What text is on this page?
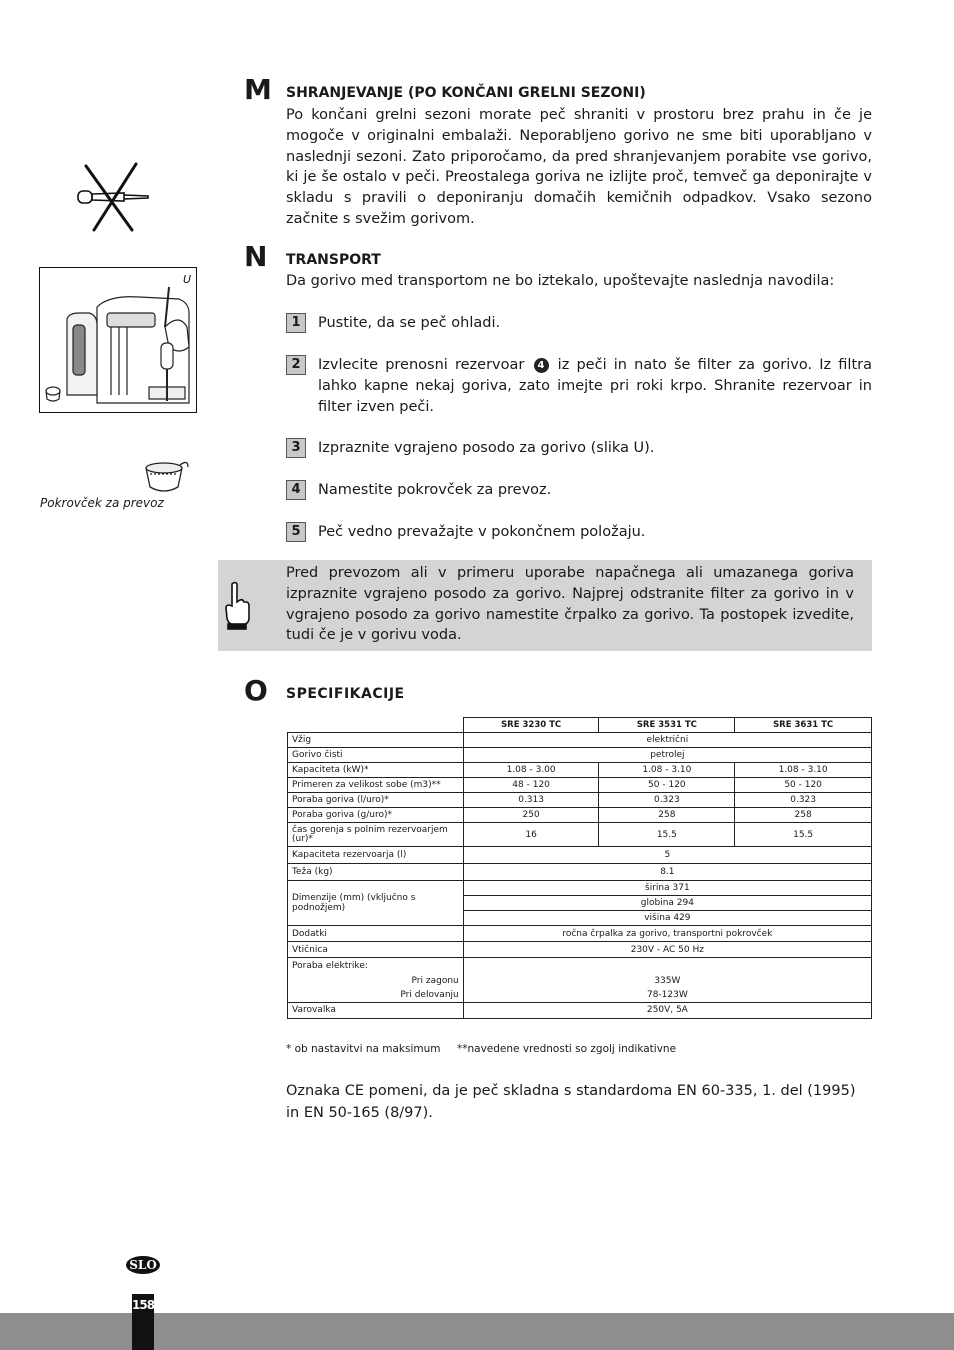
U
Pokrovček za prevoz
M SHRANJEVANJE (PO KONČANI GRELNI SEZONI)
Po končani grelni sezoni morate peč shraniti v prostoru brez prahu in če je mogoče v originalni embalaži. Neporabljeno gorivo ne sme biti uporabljano v naslednji sezoni. Zato priporočamo, da pred shranjevanjem porabite vse gorivo, ki je še ostalo v peči. Preostalega goriva ne izlijte proč, temveč ga deponirajte v skladu s pravili o deponiranju domačih kemičnih odpadkov. Vsako sezono začnite s svežim gorivom.
N TRANSPORT
Da gorivo med transportom ne bo iztekalo, upoštevajte naslednja navodila:
1	Pustite, da se peč ohladi.
2	Izvlecite prenosni rezervoar 4 iz peči in nato še filter za gorivo. Iz filtra lahko kapne nekaj goriva, zato imejte pri roki krpo. Shranite rezervoar in filter izven peči.
3	Izpraznite vgrajeno posodo za gorivo (slika U).
4	Namestite pokrovček za prevoz.
5	Peč vedno prevažajte v pokončnem položaju.
Pred prevozom ali v primeru uporabe napačnega ali umazanega goriva izpraznite vgrajeno posodo za gorivo. Najprej odstranite filter za gorivo in v vgrajeno posodo za gorivo namestite črpalko za gorivo. Ta postopek izvedite, tudi če je v gorivu voda.
O SPECIFIKACIJE
	SRE 3230 TC	SRE 3531 TC	SRE 3631 TC
Vžig	električni		
Gorivo čisti	petrolej		
Kapaciteta (kW)*	1.08 - 3.00	1.08 - 3.10	1.08 - 3.10
Primeren za velikost sobe (m3)**	48 - 120	50 - 120	50 - 120
Poraba goriva (l/uro)*	0.313	0.323	0.323
Poraba goriva (g/uro)*	250	258	258
čas gorenja s polnim rezervoarjem (ur)*	16	15.5	15.5
Kapaciteta rezervoarja (l)	5		
Teža (kg)	8.1		
Dimenzije (mm) (vključno s podnožjem)	širina 371		
	globina 294		
	višina 429		
Dodatki	ročna črpalka za gorivo, transportni pokrovček		
Vtičnica	230V - AC 50 Hz		
Poraba elektrike:			
Pri zagonu	335W		
Pri delovanju	78-123W		
Varovalka	250V, 5A		
* ob nastavitvi na maksimum **navedene vrednosti so zgolj indikativne
Oznaka CE pomeni, da je peč skladna s standardoma EN 60-335, 1. del (1995) in EN 50-165 (8/97).
SLO
158
